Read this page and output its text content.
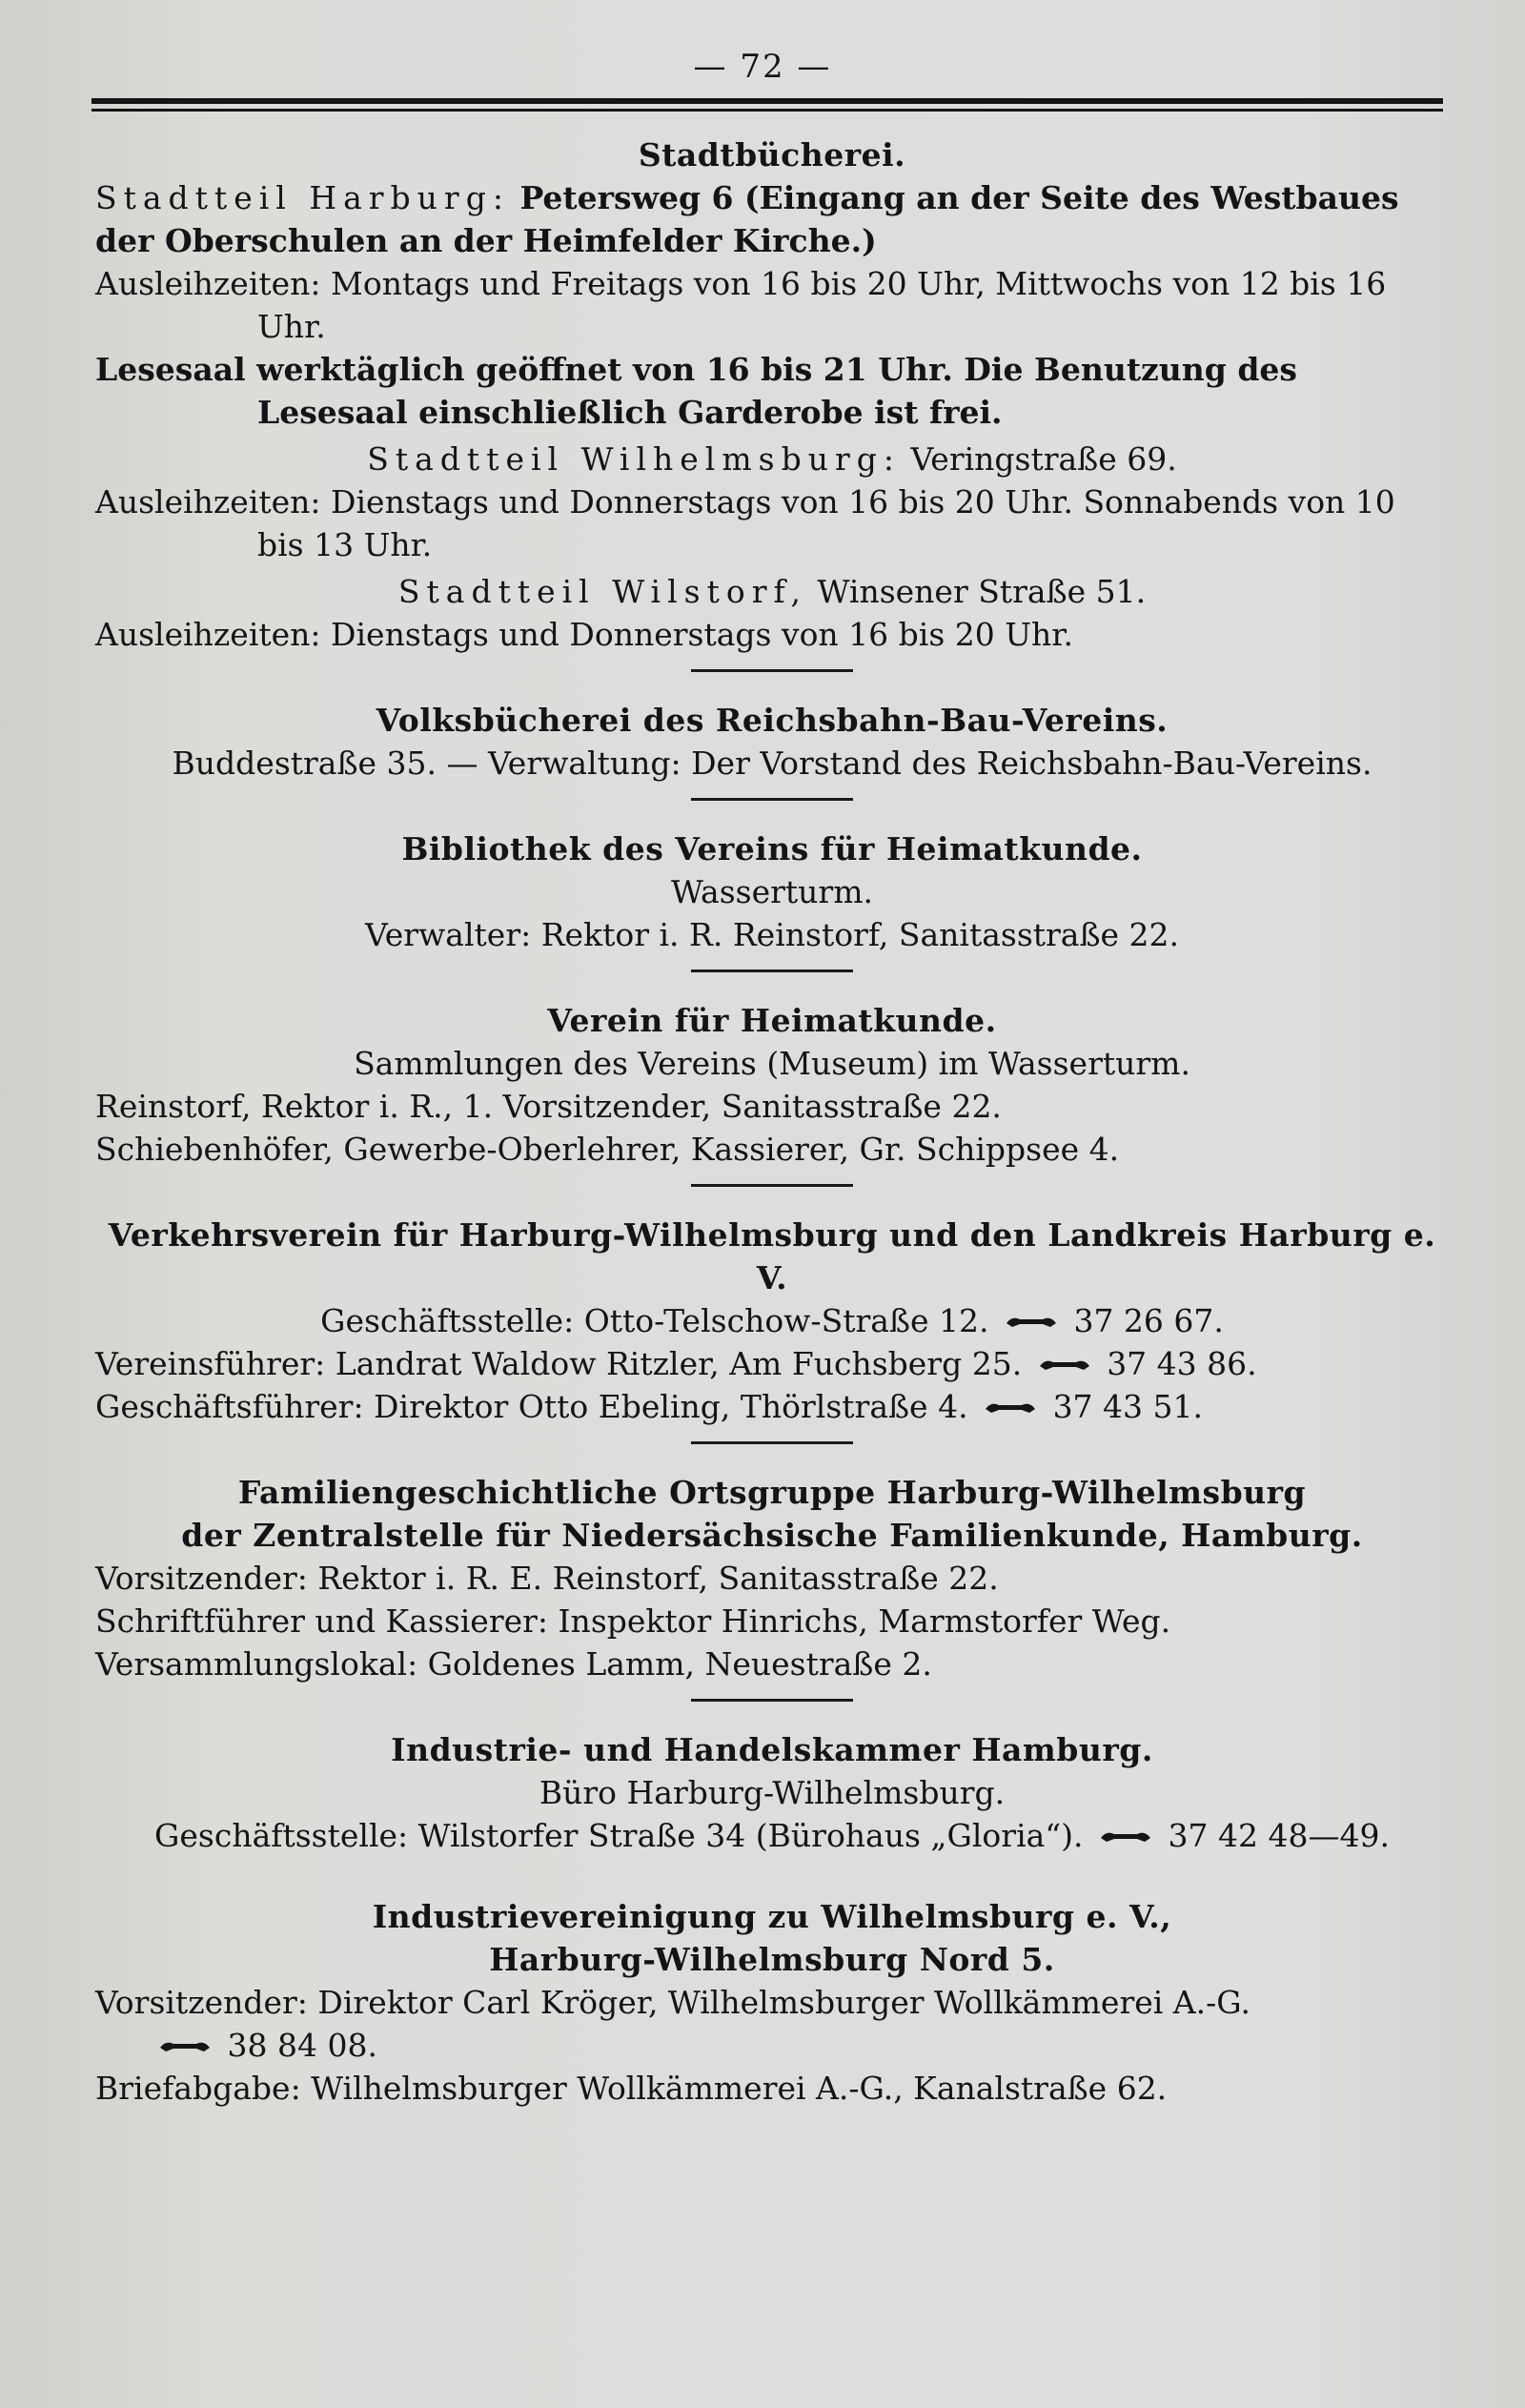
— 72 —
Stadtbücherei.

Stadtteil Harburg: Petersweg 6 (Eingang an der Seite des Westbaues der Oberschulen an der Heimfelder Kirche.)

Ausleihzeiten: Montags und Freitags von 16 bis 20 Uhr, Mittwochs von 12 bis 16 Uhr.

Lesesaal werktäglich geöffnet von 16 bis 21 Uhr. Die Benutzung des Lesesaal einschließlich Garderobe ist frei.

Stadtteil Wilhelmsburg: Veringstraße 69.

Ausleihzeiten: Dienstags und Donnerstags von 16 bis 20 Uhr. Sonnabends von 10 bis 13 Uhr.

Stadtteil Wilstorf, Winsener Straße 51.

Ausleihzeiten: Dienstags und Donnerstags von 16 bis 20 Uhr.

Volksbücherei des Reichsbahn-Bau-Vereins.

Buddestraße 35. — Verwaltung: Der Vorstand des Reichsbahn-Bau-Vereins.

Bibliothek des Vereins für Heimatkunde.

Wasserturm.

Verwalter: Rektor i. R. Reinstorf, Sanitasstraße 22.

Verein für Heimatkunde.

Sammlungen des Vereins (Museum) im Wasserturm.

Reinstorf, Rektor i. R., 1. Vorsitzender, Sanitasstraße 22.

Schiebenhöfer, Gewerbe-Oberlehrer, Kassierer, Gr. Schippsee 4.

Verkehrsverein für Harburg-Wilhelmsburg und den Landkreis Harburg e. V.

Geschäftsstelle: Otto-Telschow-Straße 12.	37 26 67.

Vereinsführer: Landrat Waldow Ritzler, Am Fuchsberg 25.	37 43 86.

Geschäftsführer: Direktor Otto Ebeling, Thörlstraße 4.	37 43 51.

Familiengeschichtliche Ortsgruppe Harburg-Wilhelmsburg
der Zentralstelle für Niedersächsische Familienkunde, Hamburg.

Vorsitzender: Rektor i. R. E. Reinstorf, Sanitasstraße 22.

Schriftführer und Kassierer: Inspektor Hinrichs, Marmstorfer Weg.

Versammlungslokal: Goldenes Lamm, Neuestraße 2.

Industrie- und Handelskammer Hamburg.

Büro Harburg-Wilhelmsburg.

Geschäftsstelle: Wilstorfer Straße 34 (Bürohaus „Gloria“).	37 42 48—49.

Industrievereinigung zu Wilhelmsburg e. V.,
Harburg-Wilhelmsburg Nord 5.

Vorsitzender: Direktor Carl Kröger, Wilhelmsburger Wollkämmerei A.-G.

38 84 08.

Briefabgabe: Wilhelmsburger Wollkämmerei A.-G., Kanalstraße 62.
